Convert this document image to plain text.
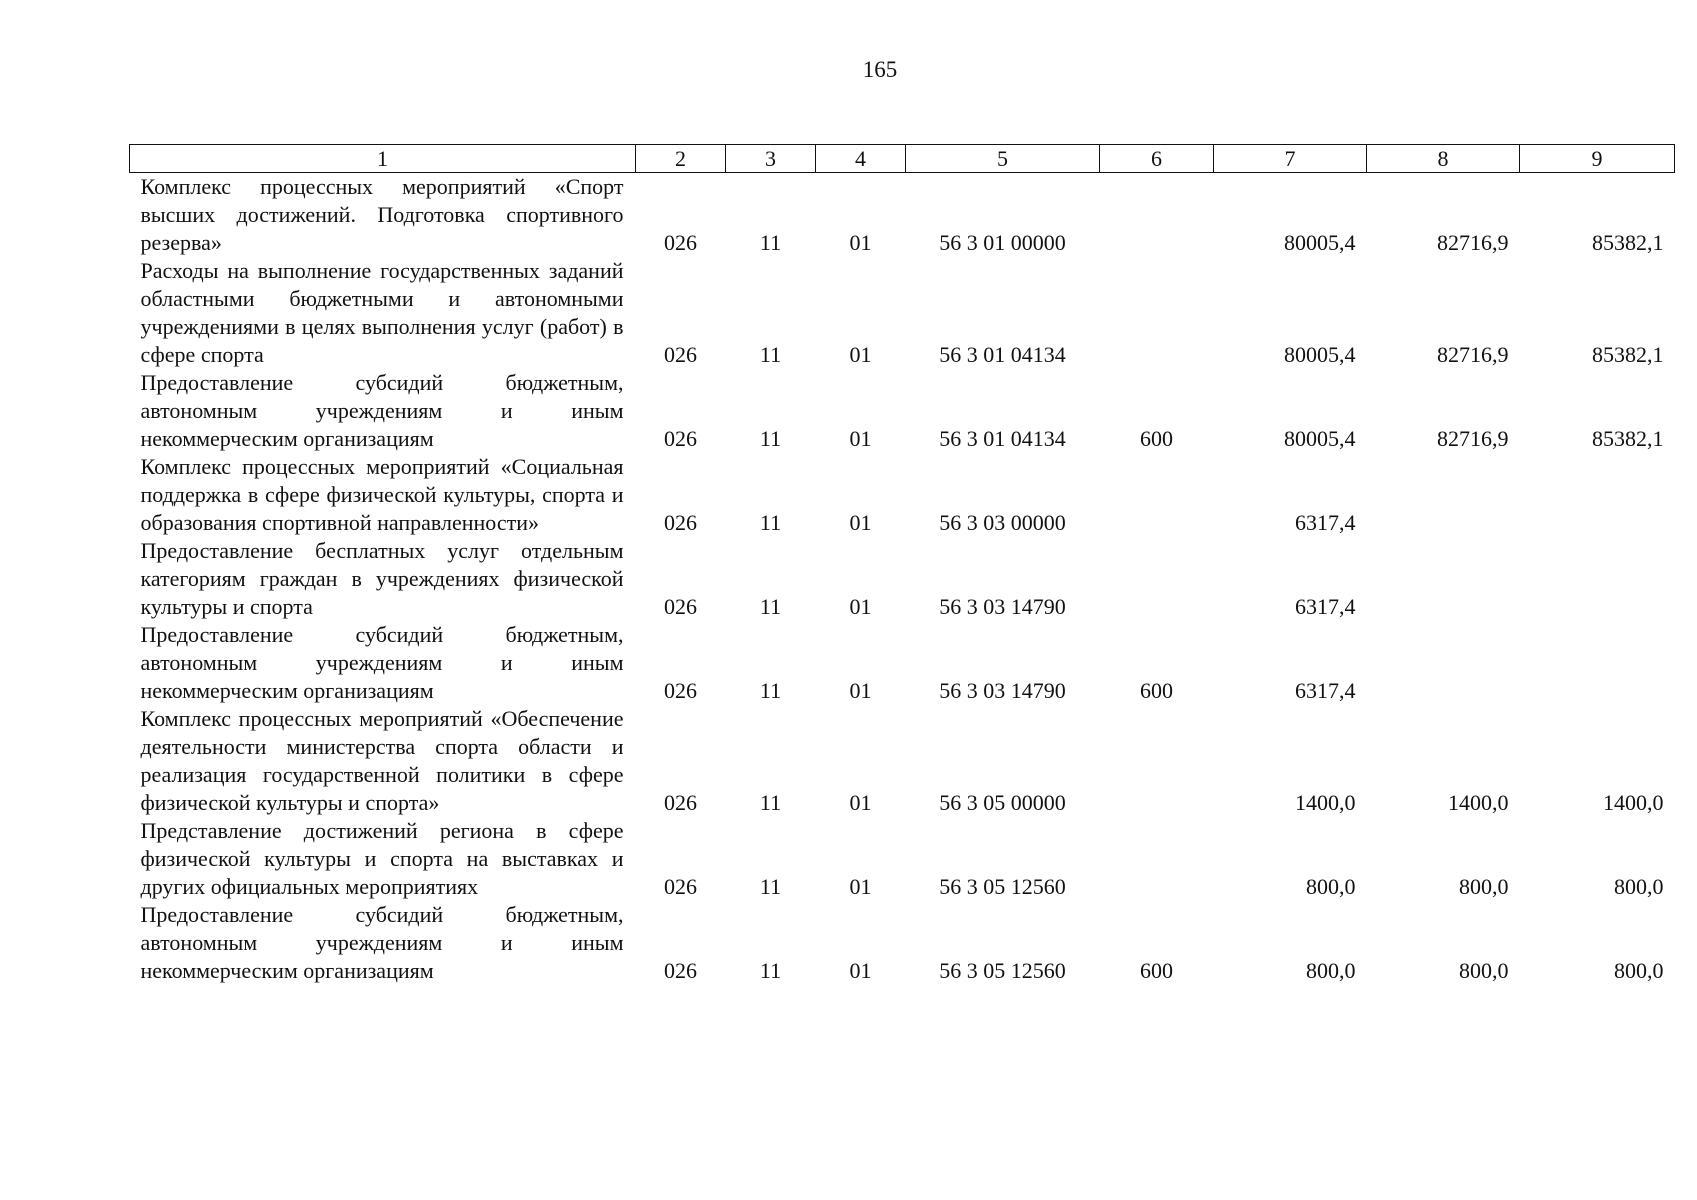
165
1	2	3	4	5	6	7	8	9
Комплекс процессных мероприятий «Спорт высших достижений. Подготовка спортивного резерва»	026	11	01	56 3 01 00000		80005,4	82716,9	85382,1
Расходы на выполнение государственных заданий областными бюджетными и автономными учреждениями в целях выполнения услуг (работ) в сфере спорта	026	11	01	56 3 01 04134		80005,4	82716,9	85382,1
Предоставление субсидий бюджетным, автономным учреждениям и иным некоммерческим организациям	026	11	01	56 3 01 04134	600	80005,4	82716,9	85382,1
Комплекс процессных мероприятий «Социальная поддержка в сфере физической культуры, спорта и образования спортивной направленности»	026	11	01	56 3 03 00000		6317,4		
Предоставление бесплатных услуг отдельным категориям граждан в учреждениях физической культуры и спорта	026	11	01	56 3 03 14790		6317,4		
Предоставление субсидий бюджетным, автономным учреждениям и иным некоммерческим организациям	026	11	01	56 3 03 14790	600	6317,4		
Комплекс процессных мероприятий «Обеспечение деятельности министерства спорта области и реализация государственной политики в сфере физической культуры и спорта»	026	11	01	56 3 05 00000		1400,0	1400,0	1400,0
Представление достижений региона в сфере физической культуры и спорта на выставках и других официальных мероприятиях	026	11	01	56 3 05 12560		800,0	800,0	800,0
Предоставление субсидий бюджетным, автономным учреждениям и иным некоммерческим организациям	026	11	01	56 3 05 12560	600	800,0	800,0	800,0
